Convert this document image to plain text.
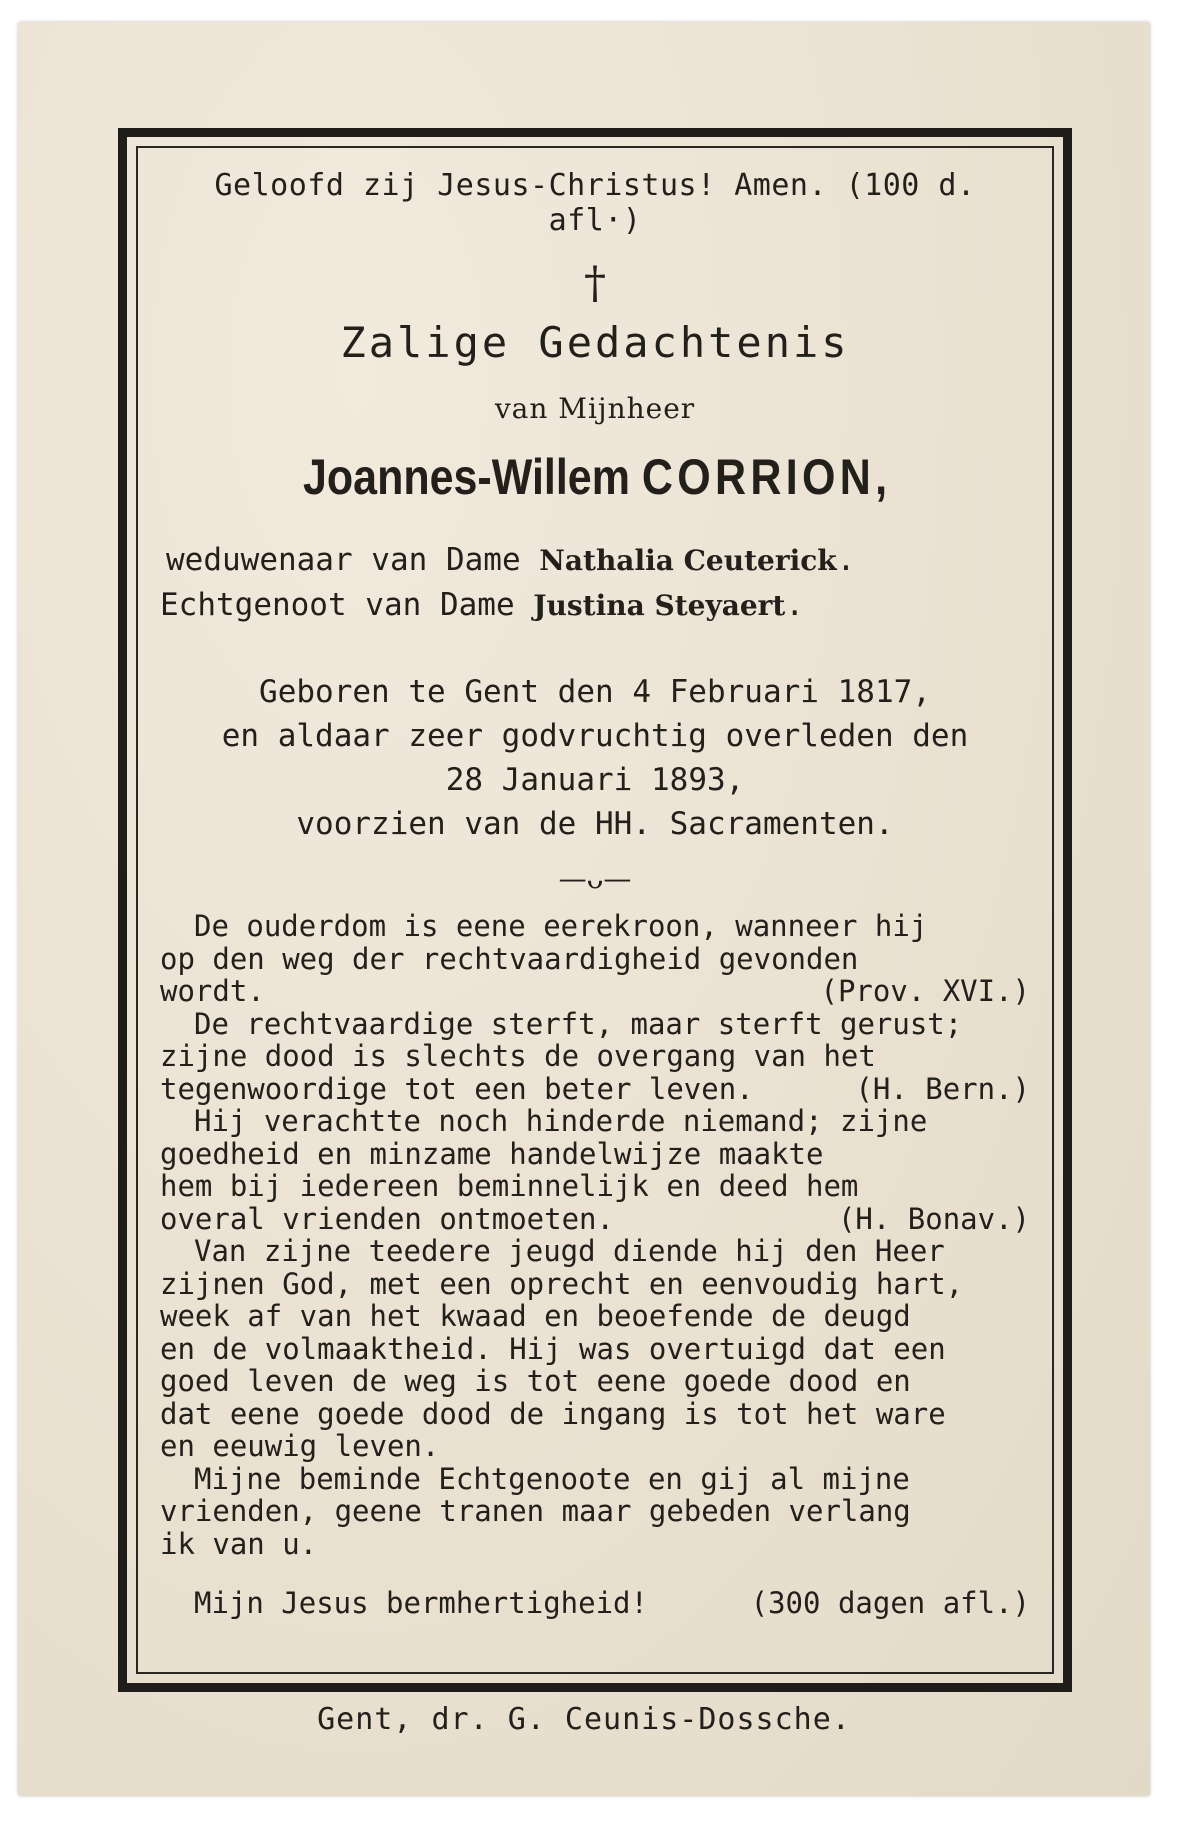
Geloofd zij Jesus-Christus! Amen. (100 d. afl·)
†
Zalige Gedachtenis
van Mijnheer
Joannes-Willem CORRION,
weduwenaar van Dame Nathalia Ceuterick.
Echtgenoot van Dame Justina Steyaert.
Geboren te Gent den 4 Februari 1817,
en aldaar zeer godvruchtig overleden den
28 Januari 1893,
voorzien van de HH. Sacramenten.
—ᴗ—
De ouderdom is eene eerekroon, wanneer hij
op den weg der rechtvaardigheid gevonden
wordt.	(Prov. XVI.)
De rechtvaardige sterft, maar sterft gerust;
zijne dood is slechts de overgang van het
tegenwoordige tot een beter leven.	(H. Bern.)
Hij verachtte noch hinderde niemand; zijne
goedheid en minzame handelwijze maakte
hem bij iedereen beminnelijk en deed hem
overal vrienden ontmoeten.	(H. Bonav.)
Van zijne teedere jeugd diende hij den Heer
zijnen God, met een oprecht en eenvoudig hart,
week af van het kwaad en beoefende de deugd
en de volmaaktheid. Hij was overtuigd dat een
goed leven de weg is tot eene goede dood en
dat eene goede dood de ingang is tot het ware
en eeuwig leven.
Mijne beminde Echtgenoote en gij al mijne
vrienden, geene tranen maar gebeden verlang
ik van u.
Mijn Jesus bermhertigheid!	(300 dagen afl.)
Gent, dr. G. Ceunis-Dossche.
